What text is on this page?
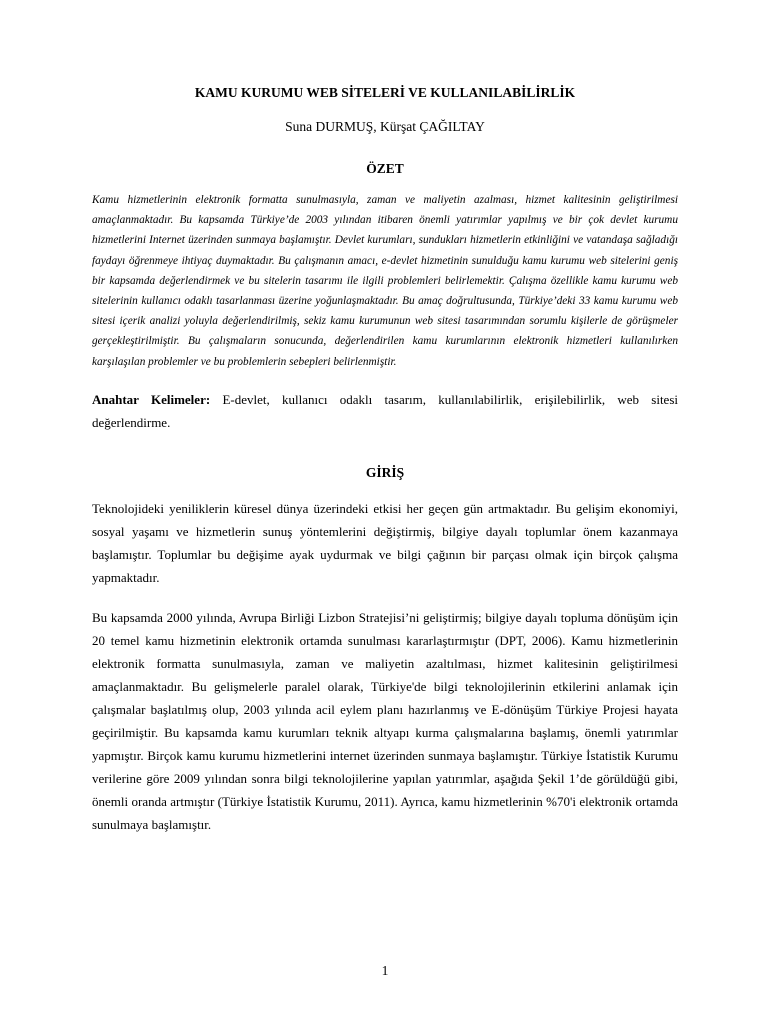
KAMU KURUMU WEB SİTELERİ VE KULLANILABİLİRLİK
Suna DURMUŞ, Kürşat ÇAĞILTAY
ÖZET

Kamu hizmetlerinin elektronik formatta sunulmasıyla, zaman ve maliyetin azalması, hizmet kalitesinin geliştirilmesi amaçlanmaktadır. Bu kapsamda Türkiye’de 2003 yılından itibaren önemli yatırımlar yapılmış ve bir çok devlet kurumu hizmetlerini Internet üzerinden sunmaya başlamıştır. Devlet kurumları, sundukları hizmetlerin etkinliğini ve vatandaşa sağladığı faydayı öğrenmeye ihtiyaç duymaktadır. Bu çalışmanın amacı, e-devlet hizmetinin sunulduğu kamu kurumu web sitelerini geniş bir kapsamda değerlendirmek ve bu sitelerin tasarımı ile ilgili problemleri belirlemektir. Çalışma özellikle kamu kurumu web sitelerinin kullanıcı odaklı tasarlanması üzerine yoğunlaşmaktadır. Bu amaç doğrultusunda, Türkiye’deki 33 kamu kurumu web sitesi içerik analizi yoluyla değerlendirilmiş, sekiz kamu kurumunun web sitesi tasarımından sorumlu kişilerle de görüşmeler gerçekleştirilmiştir. Bu çalışmaların sonucunda, değerlendirilen kamu kurumlarının elektronik hizmetleri kullanılırken karşılaşılan problemler ve bu problemlerin sebepleri belirlenmiştir.

Anahtar Kelimeler: E-devlet, kullanıcı odaklı tasarım, kullanılabilirlik, erişilebilirlik, web sitesi değerlendirme.

GİRİŞ

Teknolojideki yeniliklerin küresel dünya üzerindeki etkisi her geçen gün artmaktadır. Bu gelişim ekonomiyi, sosyal yaşamı ve hizmetlerin sunuş yöntemlerini değiştirmiş, bilgiye dayalı toplumlar önem kazanmaya başlamıştır. Toplumlar bu değişime ayak uydurmak ve bilgi çağının bir parçası olmak için birçok çalışma yapmaktadır.

Bu kapsamda 2000 yılında, Avrupa Birliği Lizbon Stratejisi’ni geliştirmiş; bilgiye dayalı topluma dönüşüm için 20 temel kamu hizmetinin elektronik ortamda sunulması kararlaştırmıştır (DPT, 2006). Kamu hizmetlerinin elektronik formatta sunulmasıyla, zaman ve maliyetin azaltılması, hizmet kalitesinin geliştirilmesi amaçlanmaktadır. Bu gelişmelerle paralel olarak, Türkiye'de bilgi teknolojilerinin etkilerini anlamak için çalışmalar başlatılmış olup, 2003 yılında acil eylem planı hazırlanmış ve E-dönüşüm Türkiye Projesi hayata geçirilmiştir. Bu kapsamda kamu kurumları teknik altyapı kurma çalışmalarına başlamış, önemli yatırımlar yapmıştır. Birçok kamu kurumu hizmetlerini internet üzerinden sunmaya başlamıştır. Türkiye İstatistik Kurumu verilerine göre 2009 yılından sonra bilgi teknolojilerine yapılan yatırımlar, aşağıda Şekil 1’de görüldüğü gibi, önemli oranda artmıştır (Türkiye İstatistik Kurumu, 2011). Ayrıca, kamu hizmetlerinin %70'i elektronik ortamda sunulmaya başlamıştır.

1
